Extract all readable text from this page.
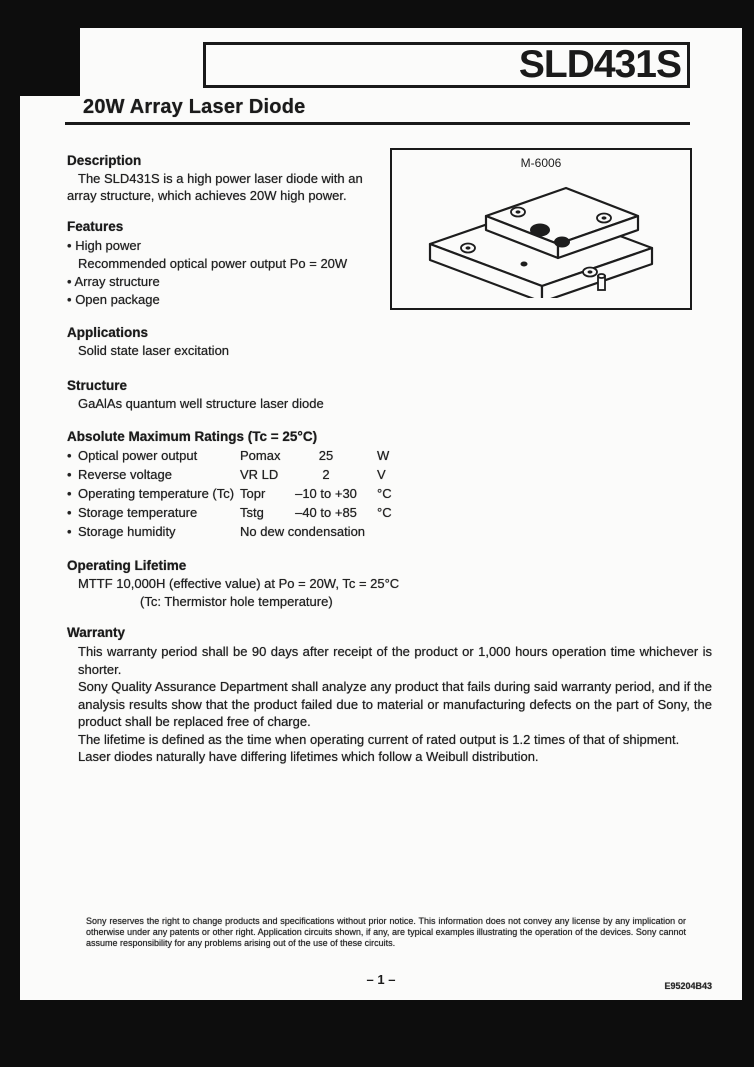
SLD431S
20W Array Laser Diode
Description
The SLD431S is a high power laser diode with an
array structure, which achieves 20W high power.
M-6006
Features
• High power
Recommended optical power output Po = 20W
• Array structure
• Open package
Applications
Solid state laser excitation
Structure
GaAlAs quantum well structure laser diode
Absolute Maximum Ratings (Tc = 25°C)
• Optical power output	Pomax	25	W
• Reverse voltage	VR LD	2	V
• Operating temperature (Tc) Topr	–10 to +30	°C
• Storage temperature	Tstg	–40 to +85	°C
• Storage humidity	No dew condensation
Operating Lifetime
MTTF 10,000H (effective value) at Po = 20W, Tc = 25°C
(Tc: Thermistor hole temperature)
Warranty

This warranty period shall be 90 days after receipt of the product or 1,000 hours operation time whichever is shorter.

Sony Quality Assurance Department shall analyze any product that fails during said warranty period, and if the analysis results show that the product failed due to material or manufacturing defects on the part of Sony, the product shall be replaced free of charge.

The lifetime is defined as the time when operating current of rated output is 1.2 times of that of shipment.

Laser diodes naturally have differing lifetimes which follow a Weibull distribution.

Sony reserves the right to change products and specifications without prior notice. This information does not convey any license by any implication or otherwise under any patents or other right. Application circuits shown, if any, are typical examples illustrating the operation of the devices. Sony cannot assume responsibility for any problems arising out of the use of these circuits.
– 1 –	E95204B43
